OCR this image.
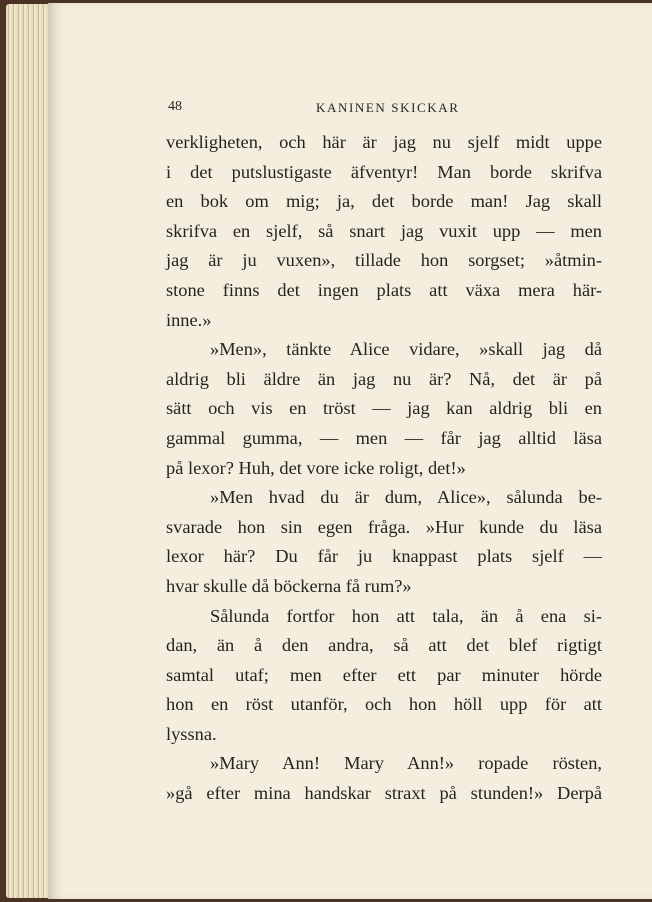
48	KANINEN SKICKAR
verkligheten, och här är jag nu sjelf midt uppe
i det putslustigaste äfventyr! Man borde skrifva
en bok om mig; ja, det borde man! Jag skall
skrifva en sjelf, så snart jag vuxit upp — men
jag är ju vuxen», tillade hon sorgset; »åtmin-
stone finns det ingen plats att växa mera här-
inne.»
»Men», tänkte Alice vidare, »skall jag då
aldrig bli äldre än jag nu är? Nå, det är på
sätt och vis en tröst — jag kan aldrig bli en
gammal gumma, — men — får jag alltid läsa
på lexor? Huh, det vore icke roligt, det!»
»Men hvad du är dum, Alice», sålunda be-
svarade hon sin egen fråga. »Hur kunde du läsa
lexor här? Du får ju knappast plats sjelf —
hvar skulle då böckerna få rum?»
Sålunda fortfor hon att tala, än å ena si-
dan, än å den andra, så att det blef rigtigt
samtal utaf; men efter ett par minuter hörde
hon en röst utanför, och hon höll upp för att
lyssna.
»Mary Ann! Mary Ann!» ropade rösten,
»gå efter mina handskar straxt på stunden!» Derpå
